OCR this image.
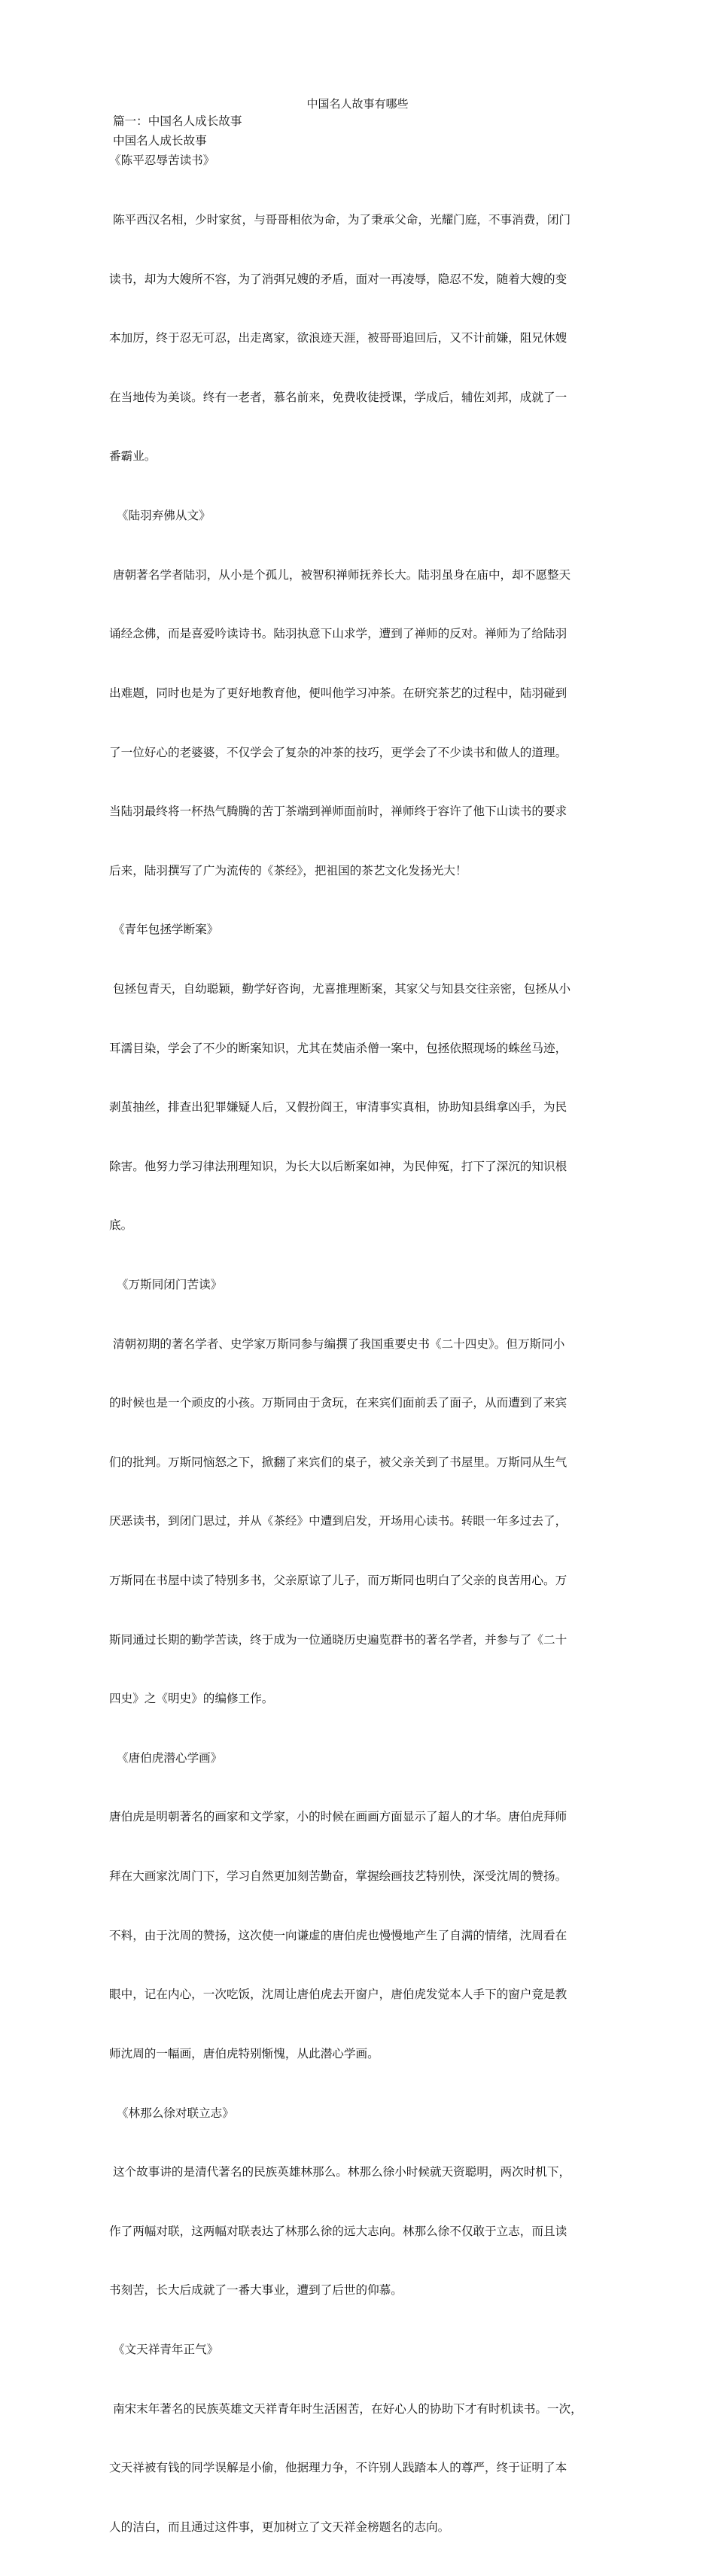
中国名人故事有哪些
篇一：中国名人成长故事
中国名人成长故事
《陈平忍辱苦读书》

陈平西汉名相，少时家贫，与哥哥相依为命，为了秉承父命，光耀门庭，不事消费，闭门

读书，却为大嫂所不容，为了消弭兄嫂的矛盾，面对一再凌辱，隐忍不发，随着大嫂的变

本加厉，终于忍无可忍，出走离家，欲浪迹天涯，被哥哥追回后，又不计前嫌，阻兄休嫂

在当地传为美谈。终有一老者，慕名前来，免费收徒授课，学成后，辅佐刘邦，成就了一

番霸业。

《陆羽弃佛从文》

唐朝著名学者陆羽，从小是个孤儿，被智积禅师抚养长大。陆羽虽身在庙中，却不愿整天

诵经念佛，而是喜爱吟读诗书。陆羽执意下山求学，遭到了禅师的反对。禅师为了给陆羽

出难题，同时也是为了更好地教育他，便叫他学习冲茶。在研究茶艺的过程中，陆羽碰到

了一位好心的老婆婆，不仅学会了复杂的冲茶的技巧，更学会了不少读书和做人的道理。

当陆羽最终将一杯热气腾腾的苦丁茶端到禅师面前时，禅师终于容许了他下山读书的要求

后来，陆羽撰写了广为流传的《茶经》，把祖国的茶艺文化发扬光大！

《青年包拯学断案》

包拯包青天，自幼聪颖，勤学好咨询，尤喜推理断案，其家父与知县交往亲密，包拯从小

耳濡目染，学会了不少的断案知识，尤其在焚庙杀僧一案中，包拯依照现场的蛛丝马迹，

剥茧抽丝，排查出犯罪嫌疑人后，又假扮阎王，审清事实真相，协助知县缉拿凶手，为民

除害。他努力学习律法刑理知识，为长大以后断案如神，为民伸冤，打下了深沉的知识根

底。

《万斯同闭门苦读》

清朝初期的著名学者、史学家万斯同参与编撰了我国重要史书《二十四史》。但万斯同小

的时候也是一个顽皮的小孩。万斯同由于贪玩，在来宾们面前丢了面子，从而遭到了来宾

们的批判。万斯同恼怒之下，掀翻了来宾们的桌子，被父亲关到了书屋里。万斯同从生气

厌恶读书，到闭门思过，并从《茶经》中遭到启发，开场用心读书。转眼一年多过去了，

万斯同在书屋中读了特别多书，父亲原谅了儿子，而万斯同也明白了父亲的良苦用心。万

斯同通过长期的勤学苦读，终于成为一位通晓历史遍览群书的著名学者，并参与了《二十

四史》之《明史》的编修工作。

《唐伯虎潜心学画》

唐伯虎是明朝著名的画家和文学家，小的时候在画画方面显示了超人的才华。唐伯虎拜师

拜在大画家沈周门下，学习自然更加刻苦勤奋，掌握绘画技艺特别快，深受沈周的赞扬。

不料，由于沈周的赞扬，这次使一向谦虚的唐伯虎也慢慢地产生了自满的情绪，沈周看在

眼中，记在内心，一次吃饭，沈周让唐伯虎去开窗户，唐伯虎发觉本人手下的窗户竟是教

师沈周的一幅画，唐伯虎特别惭愧，从此潜心学画。

《林那么徐对联立志》

这个故事讲的是清代著名的民族英雄林那么。林那么徐小时候就天资聪明，两次时机下，

作了两幅对联，这两幅对联表达了林那么徐的远大志向。林那么徐不仅敢于立志，而且读

书刻苦，长大后成就了一番大事业，遭到了后世的仰慕。

《文天祥青年正气》

南宋末年著名的民族英雄文天祥青年时生活困苦，在好心人的协助下才有时机读书。一次，

文天祥被有钱的同学误解是小偷，他据理力争，不许别人践踏本人的尊严，终于证明了本

人的洁白，而且通过这件事，更加树立了文天祥金榜题名的志向。
